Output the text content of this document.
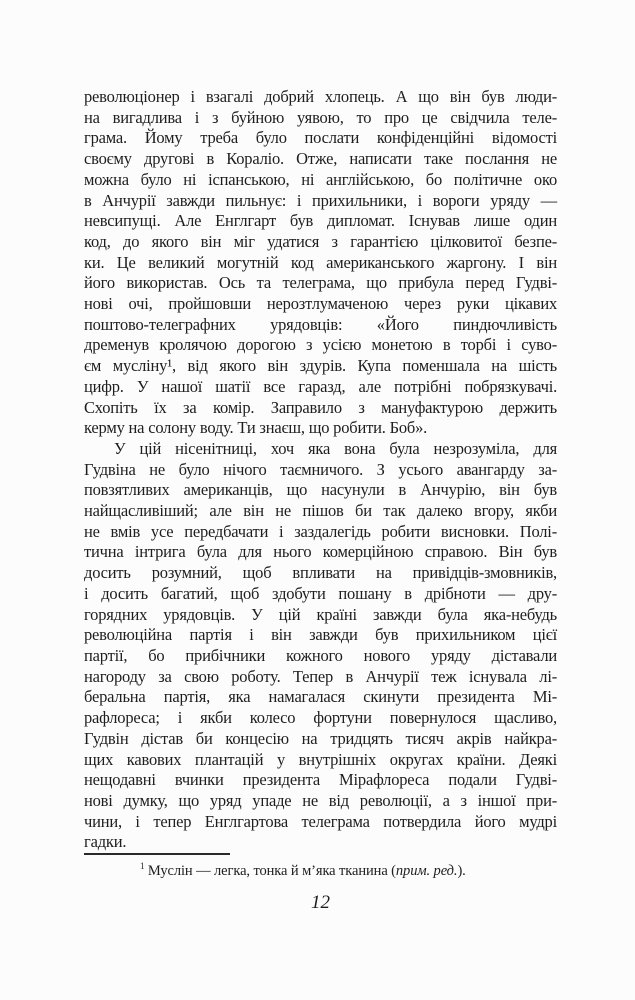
революціонер і взагалі добрий хлопець. А що він був люди-
на вигадлива і з буйною уявою, то про це свідчила теле-
грама. Йому треба було послати конфіденційні відомості
своєму другові в Кораліо. Отже, написати таке послання не
можна було ні іспанською, ні англійською, бо політичне око
в Анчурії завжди пильнує: і прихильники, і вороги уряду —
невсипущі. Але Енглгарт був дипломат. Існував лише один
код, до якого він міг удатися з гарантією цілковитої безпе-
ки. Це великий могутній код американського жаргону. І він
його використав. Ось та телеграма, що прибула перед Гудві-
нові очі, пройшовши нерозтлумаченою через руки цікавих
поштово-телеграфних урядовців: «Його пиндючливість
дременув кролячою дорогою з усією монетою в торбі і суво-
єм мусліну¹, від якого він здурів. Купа поменшала на шість
цифр. У нашої шатії все гаразд, але потрібні побрязкувачі.
Схопіть їх за комір. Заправило з мануфактурою держить
керму на солону воду. Ти знаєш, що робити. Боб».
У цій нісенітниці, хоч яка вона була незрозуміла, для
Гудвіна не було нічого таємничого. З усього авангарду за-
повзятливих американців, що насунули в Анчурію, він був
найщасливіший; але він не пішов би так далеко вгору, якби
не вмів усе передбачати і заздалегідь робити висновки. Полі-
тична інтрига була для нього комерційною справою. Він був
досить розумний, щоб впливати на привідців-змовників,
і досить багатий, щоб здобути пошану в дрібноти — дру-
горядних урядовців. У цій країні завжди була яка-небудь
революційна партія і він завжди був прихильником цієї
партії, бо прибічники кожного нового уряду діставали
нагороду за свою роботу. Тепер в Анчурії теж існувала лі-
беральна партія, яка намагалася скинути президента Мі-
рафлореса; і якби колесо фортуни повернулося щасливо,
Гудвін дістав би концесію на тридцять тисяч акрів найкра-
щих кавових плантацій у внутрішніх округах країни. Деякі
нещодавні вчинки президента Мірафлореса подали Гудві-
нові думку, що уряд упаде не від революції, а з іншої при-
чини, і тепер Енглгартова телеграма потвердила його мудрі
гадки.
$^1$ Муслін — легка, тонка й м’яка тканина (прим. ред.).
12
